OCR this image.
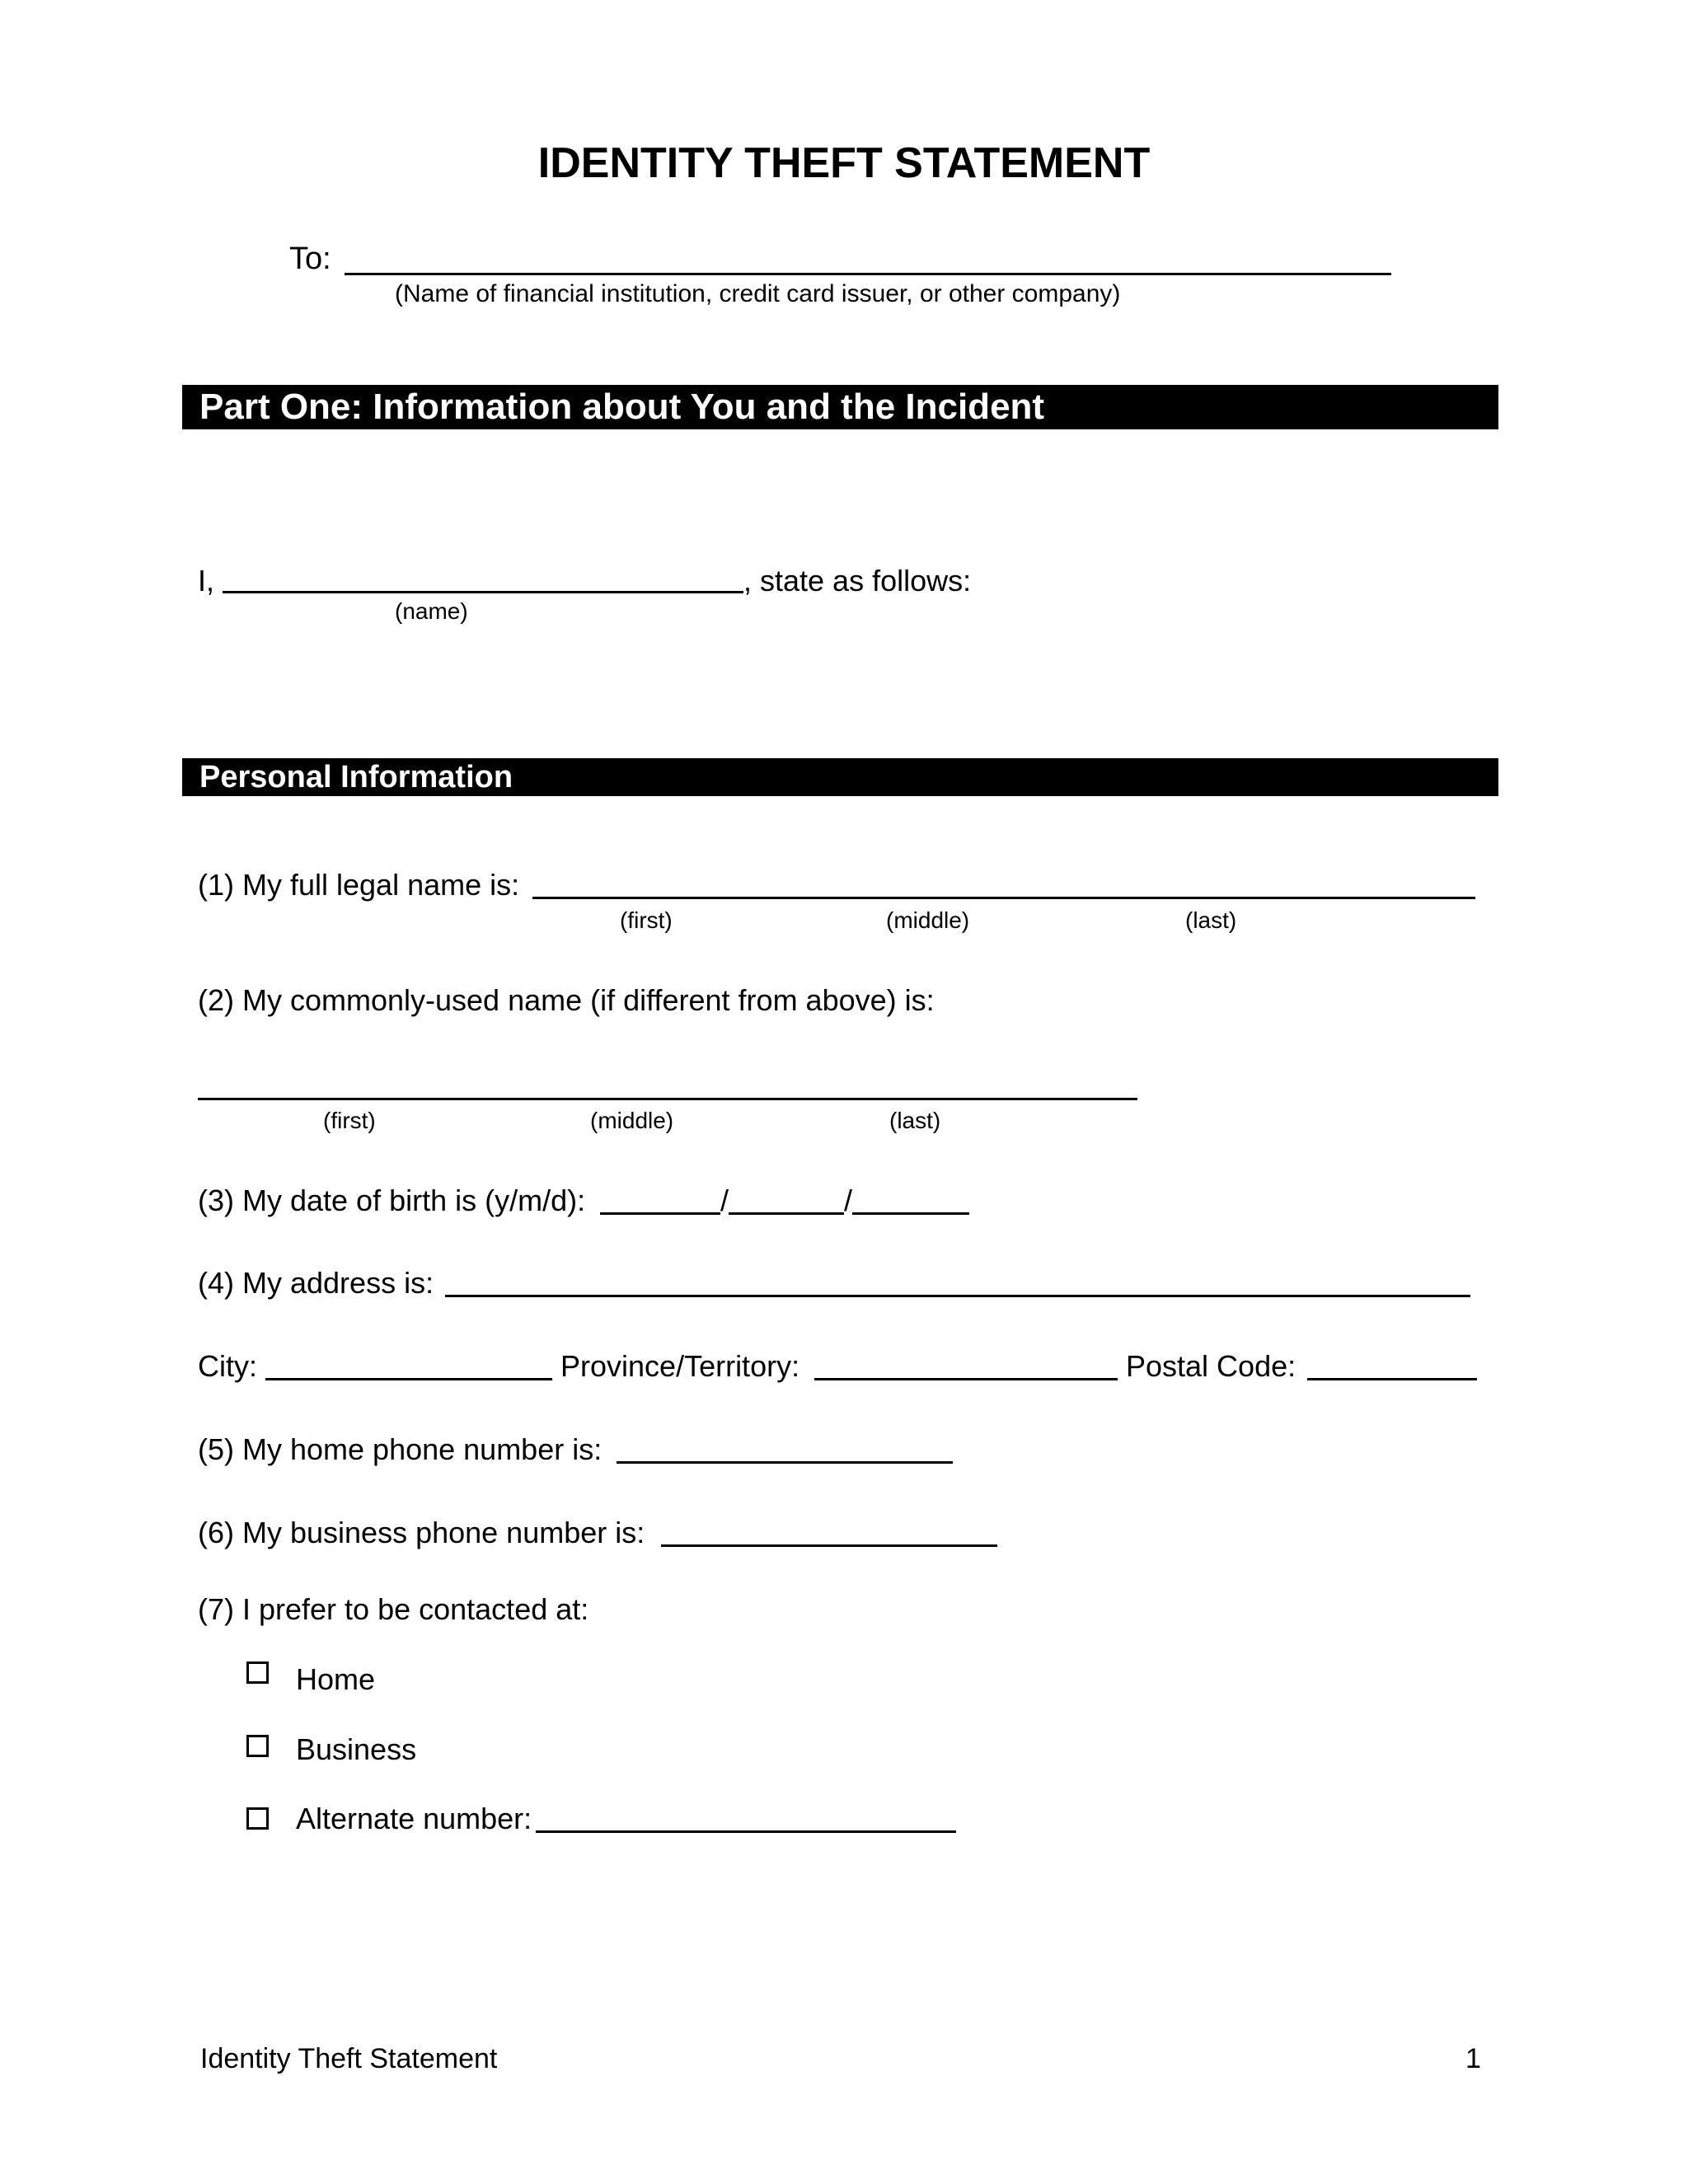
IDENTITY THEFT STATEMENT
To:
(Name of financial institution, credit card issuer, or other company)
Part One: Information about You and the Incident
I,	, state as follows:
(name)
Personal Information
(1) My full legal name is:
(first)	(middle)	(last)
(2) My commonly-used name (if different from above) is:
(first)	(middle)	(last)
(3) My date of birth is (y/m/d):	/	/
(4) My address is:
City:	Province/Territory:	Postal Code:
(5) My home phone number is:
(6) My business phone number is:
(7) I prefer to be contacted at:
Home
Business
Alternate number:
Identity Theft Statement	1
